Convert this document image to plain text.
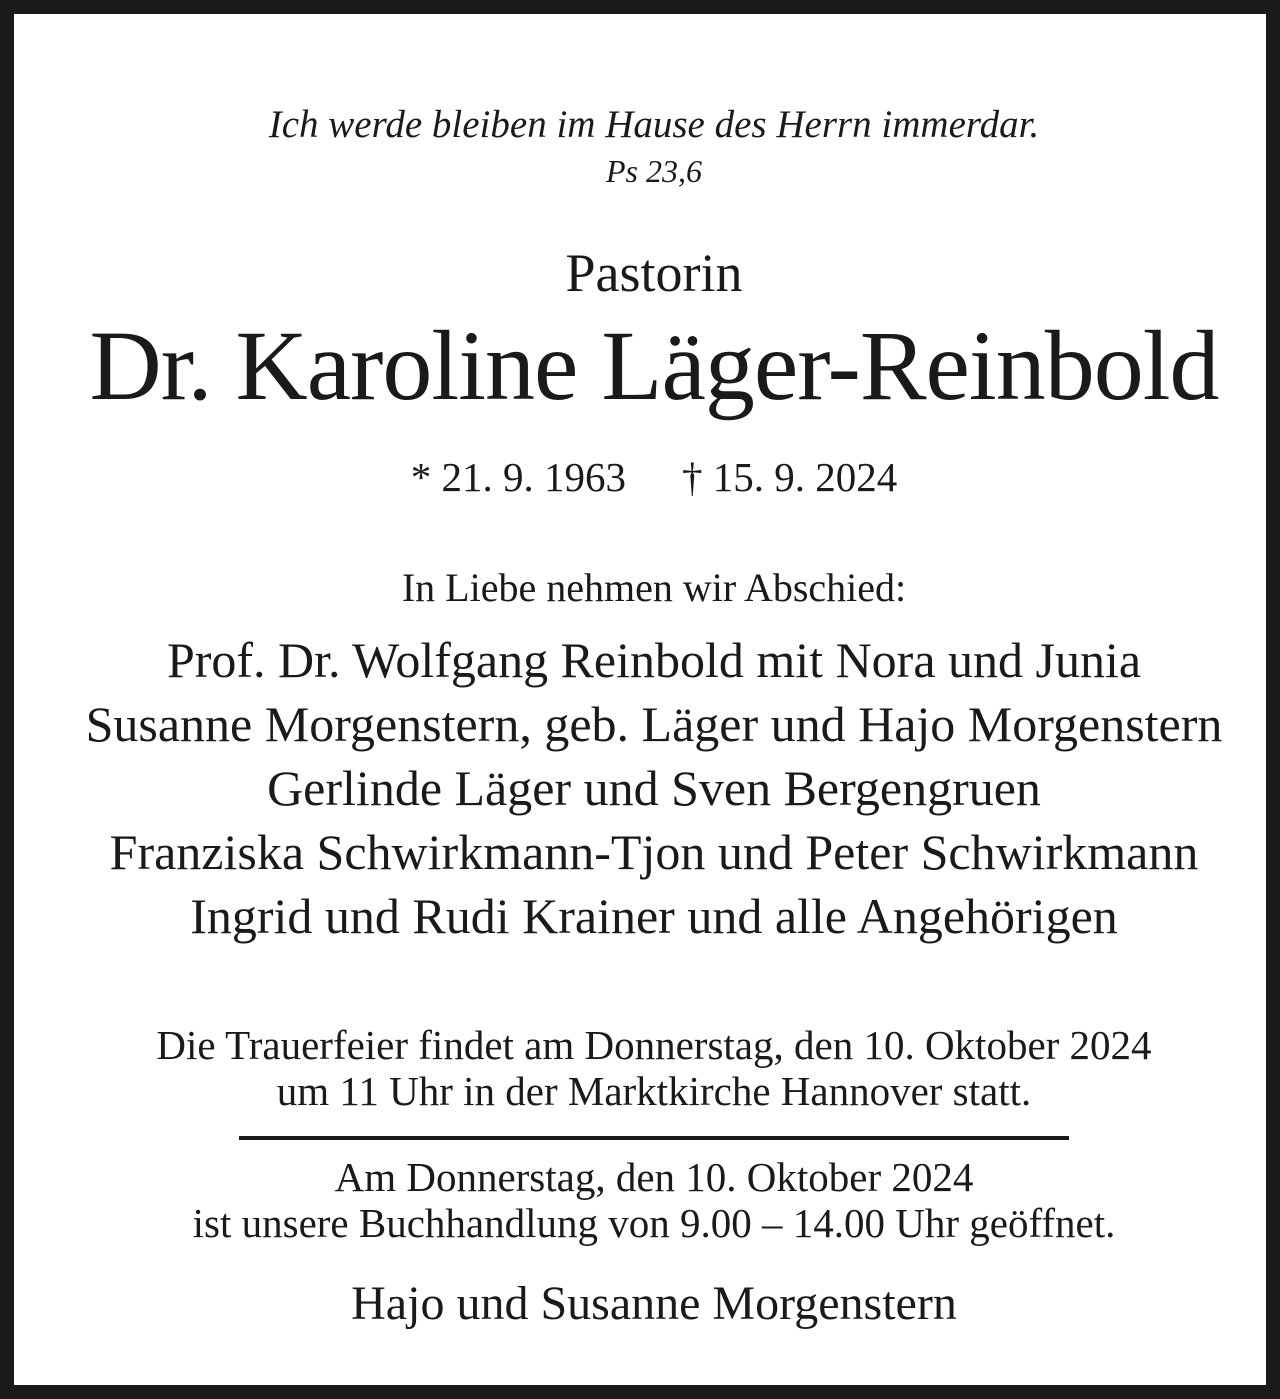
Ich werde bleiben im Hause des Herrn immerdar.

Ps 23,6

Pastorin

Dr. Karoline Läger-Reinbold

* 21. 9. 1963 † 15. 9. 2024

In Liebe nehmen wir Abschied:

Prof. Dr. Wolfgang Reinbold mit Nora und Junia

Susanne Morgenstern, geb. Läger und Hajo Morgenstern

Gerlinde Läger und Sven Bergengruen

Franziska Schwirkmann-Tjon und Peter Schwirkmann

Ingrid und Rudi Krainer und alle Angehörigen

Die Trauerfeier findet am Donnerstag, den 10. Oktober 2024

um 11 Uhr in der Marktkirche Hannover statt.

Am Donnerstag, den 10. Oktober 2024

ist unsere Buchhandlung von 9.00 – 14.00 Uhr geöffnet.

Hajo und Susanne Morgenstern
